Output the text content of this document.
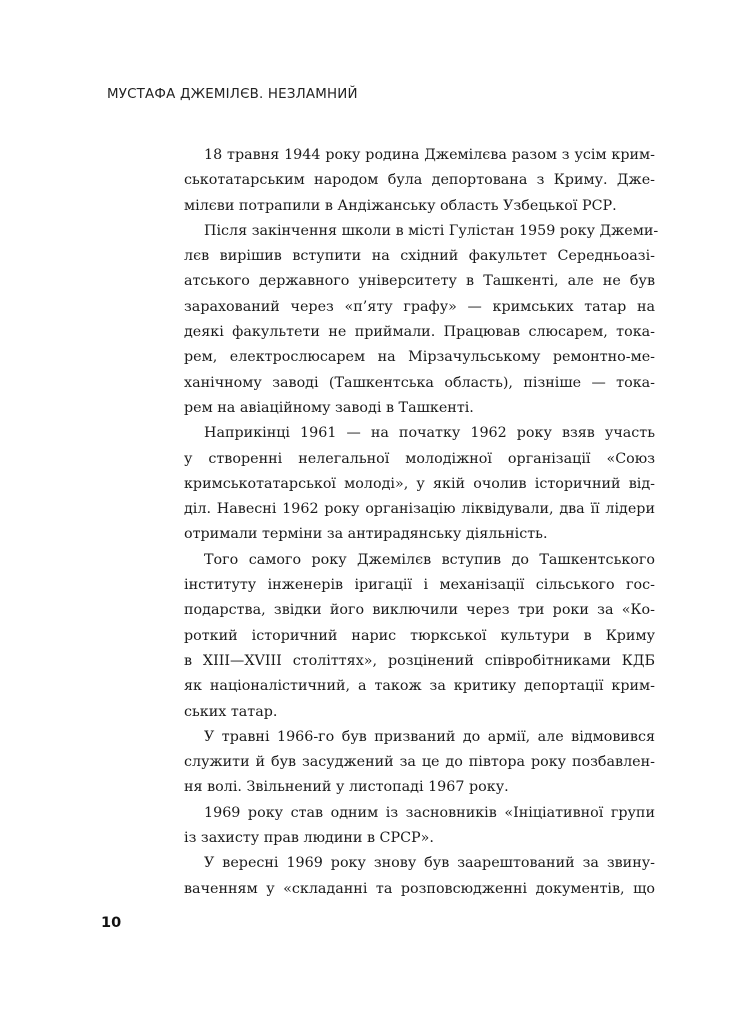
МУСТАФА ДЖЕМІЛЄВ. НЕЗЛАМНИЙ
18 травня 1944 року родина Джемілєва разом з усім крим-
ськотатарським народом була депортована з Криму. Дже-
мілєви потрапили в Андіжанську область Узбецької РСР.
Після закінчення школи в місті Гулістан 1959 року Джеми-
лєв вирішив вступити на східний факультет Середньоазі-
атського державного університету в Ташкенті, але не був
зарахований через «п’яту графу» — кримських татар на
деякі факультети не приймали. Працював слюсарем, тока-
рем, електрослюсарем на Мірзачульському ремонтно-ме-
ханічному заводі (Ташкентська область), пізніше — тока-
рем на авіаційному заводі в Ташкенті.
Наприкінці 1961 — на початку 1962 року взяв участь
у створенні нелегальної молодіжної організації «Союз
кримськотатарської молоді», у якій очолив історичний від-
діл. Навесні 1962 року організацію ліквідували, два її лідери
отримали терміни за антирадянську діяльність.
Того самого року Джемілєв вступив до Ташкентського
інституту інженерів іригації і механізації сільського гос-
подарства, звідки його виключили через три роки за «Ко-
роткий історичний нарис тюркської культури в Криму
в XIII—XVIII століттях», розцінений співробітниками КДБ
як націоналістичний, а також за критику депортації крим-
ських татар.
У травні 1966-го був призваний до армії, але відмовився
служити й був засуджений за це до півтора року позбавлен-
ня волі. Звільнений у листопаді 1967 року.
1969 року став одним із засновників «Ініціативної групи
із захисту прав людини в СРСР».
У вересні 1969 року знову був заарештований за звину-
ваченням у «складанні та розповсюдженні документів, що
10
